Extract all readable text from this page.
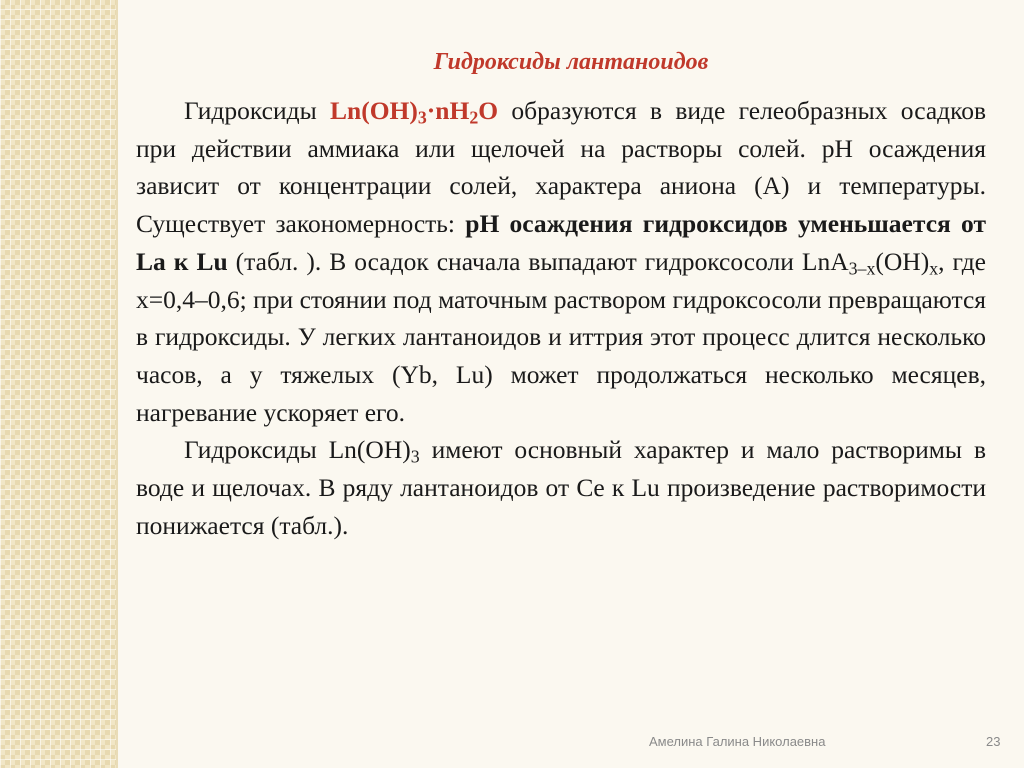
Гидроксиды лантаноидов

Гидроксиды $Ln(OH)_3\cdot nH_2O$ образуются в виде гелеобразных осадков при действии аммиака или щелочей на растворы солей. pH осаждения зависит от концентрации солей, характера аниона (A) и температуры. Существует закономерность: pH осаждения гидроксидов уменьшается от La к Lu (табл. ). В осадок сначала выпадают гидроксосоли $LnA_{3-x}(OH)_x$, где x=0,4–0,6; при стоянии под маточным раствором гидроксосоли превращаются в гидроксиды. У легких лантаноидов и иттрия этот процесс длится несколько часов, а у тяжелых (Yb, Lu) может продолжаться несколько месяцев, нагревание ускоряет его.

Гидроксиды $Ln(OH)_3$ имеют основный характер и мало растворимы в воде и щелочах. В ряду лантаноидов от Ce к Lu произведение растворимости понижается (табл.).

Амелина Галина Николаевна	23
